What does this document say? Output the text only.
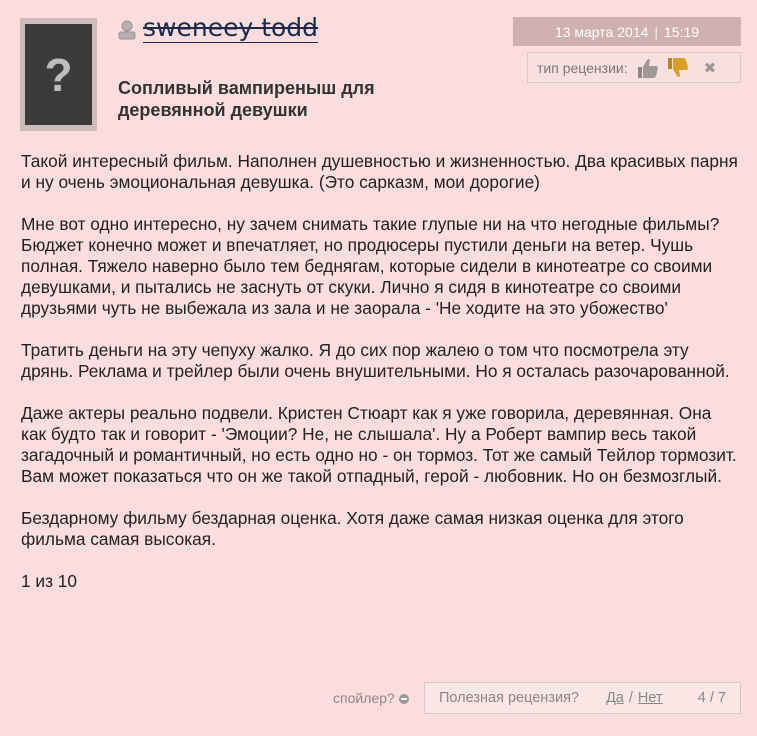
?
sweneey todd
Сопливый вампиреныш для деревянной девушки
13 марта 2014 | 15:19
тип рецензии:	✖

Такой интересный фильм. Наполнен душевностью и жизненностью. Два красивых парня и ну очень эмоциональная девушка. (Это сарказм, мои дорогие)

Мне вот одно интересно, ну зачем снимать такие глупые ни на что негодные фильмы? Бюджет конечно может и впечатляет, но продюсеры пустили деньги на ветер. Чушь полная. Тяжело наверно было тем беднягам, которые сидели в кинотеатре со своими девушками, и пытались не заснуть от скуки. Лично я сидя в кинотеатре со своими друзьями чуть не выбежала из зала и не заорала - 'Не ходите на это убожество'

Тратить деньги на эту чепуху жалко. Я до сих пор жалею о том что посмотрела эту дрянь. Реклама и трейлер были очень внушительными. Но я осталась разочарованной.

Даже актеры реально подвели. Кристен Стюарт как я уже говорила, деревянная. Она как будто так и говорит - 'Эмоции? Не, не слышала'. Ну а Роберт вампир весь такой загадочный и романтичный, но есть одно но - он тормоз. Тот же самый Тейлор тормозит. Вам может показаться что он же такой отпадный, герой - любовник. Но он безмозглый.

Бездарному фильму бездарная оценка. Хотя даже самая низкая оценка для этого фильма самая высокая.

1 из 10

спойлер?	Полезная рецензия? Да / Нет 4 / 7
